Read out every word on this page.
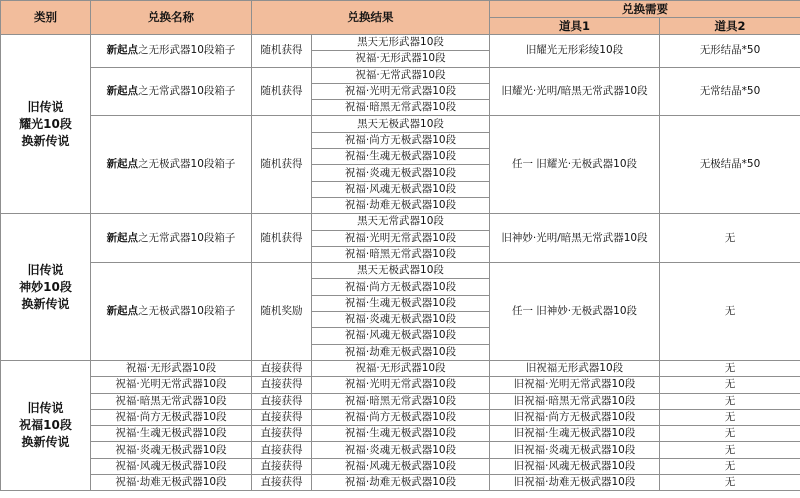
类别	兑换名称	兑换结果		兑换需要	
				道具1	道具2
旧传说
耀光10段
换新传说	新起点之无形武器10段箱子	随机获得	黑天无形武器10段	旧耀光无形彩绫10段	无形结晶*50
			祝福·无形武器10段		
	新起点之无常武器10段箱子	随机获得	祝福·无常武器10段	旧耀光·光明/暗黑无常武器10段	无常结晶*50
			祝福·光明无常武器10段		
			祝福·暗黑无常武器10段		
	新起点之无极武器10段箱子	随机获得	黑天无极武器10段	任一 旧耀光·无极武器10段	无极结晶*50
			祝福·尚方无极武器10段		
			祝福·生魂无极武器10段		
			祝福·炎魂无极武器10段		
			祝福·风魂无极武器10段		
			祝福·劫难无极武器10段		
旧传说
神妙10段
换新传说	新起点之无常武器10段箱子	随机获得	黑天无常武器10段	旧神妙·光明/暗黑无常武器10段	无
			祝福·光明无常武器10段		
			祝福·暗黑无常武器10段		
	新起点之无极武器10段箱子	随机奖励	黑天无极武器10段	任一 旧神妙·无极武器10段	无
			祝福·尚方无极武器10段		
			祝福·生魂无极武器10段		
			祝福·炎魂无极武器10段		
			祝福·风魂无极武器10段		
			祝福·劫难无极武器10段		
旧传说
祝福10段
换新传说	祝福·无形武器10段	直接获得	祝福·无形武器10段	旧祝福无形武器10段	无
	祝福·光明无常武器10段	直接获得	祝福·光明无常武器10段	旧祝福·光明无常武器10段	无
	祝福·暗黑无常武器10段	直接获得	祝福·暗黑无常武器10段	旧祝福·暗黑无常武器10段	无
	祝福·尚方无极武器10段	直接获得	祝福·尚方无极武器10段	旧祝福·尚方无极武器10段	无
	祝福·生魂无极武器10段	直接获得	祝福·生魂无极武器10段	旧祝福·生魂无极武器10段	无
	祝福·炎魂无极武器10段	直接获得	祝福·炎魂无极武器10段	旧祝福·炎魂无极武器10段	无
	祝福·风魂无极武器10段	直接获得	祝福·风魂无极武器10段	旧祝福·风魂无极武器10段	无
	祝福·劫难无极武器10段	直接获得	祝福·劫难无极武器10段	旧祝福·劫难无极武器10段	无
